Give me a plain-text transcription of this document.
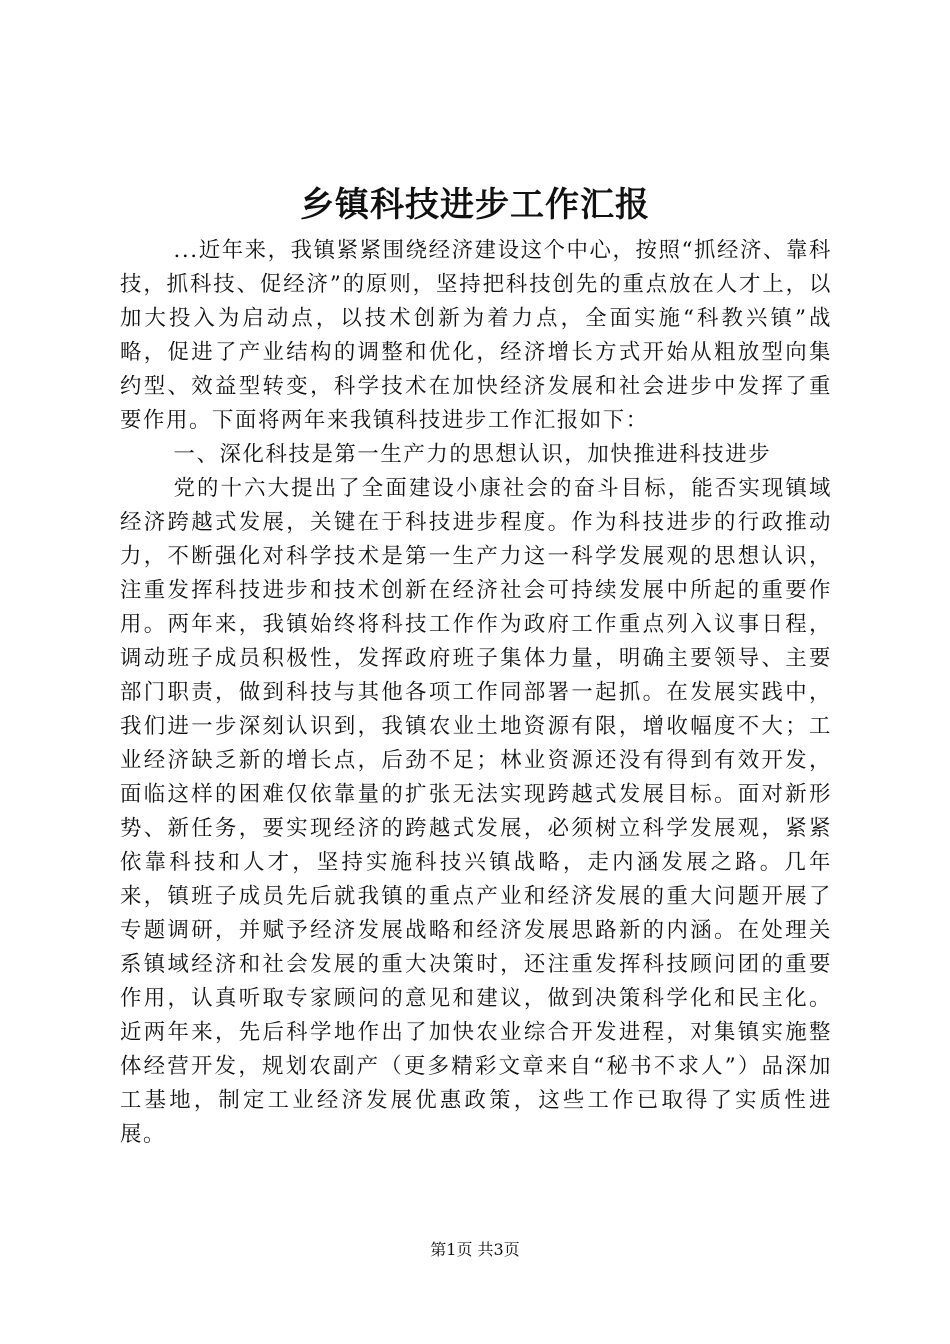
乡镇科技进步工作汇报

...近年来，我镇紧紧围绕经济建设这个中心，按照“抓经济、靠科技，抓科技、促经济”的原则，坚持把科技创先的重点放在人才上，以加大投入为启动点，以技术创新为着力点，全面实施“科教兴镇”战略，促进了产业结构的调整和优化，经济增长方式开始从粗放型向集约型、效益型转变，科学技术在加快经济发展和社会进步中发挥了重要作用。下面将两年来我镇科技进步工作汇报如下：

一、深化科技是第一生产力的思想认识，加快推进科技进步

党的十六大提出了全面建设小康社会的奋斗目标，能否实现镇域经济跨越式发展，关键在于科技进步程度。作为科技进步的行政推动力，不断强化对科学技术是第一生产力这一科学发展观的思想认识，注重发挥科技进步和技术创新在经济社会可持续发展中所起的重要作用。两年来，我镇始终将科技工作作为政府工作重点列入议事日程，调动班子成员积极性，发挥政府班子集体力量，明确主要领导、主要部门职责，做到科技与其他各项工作同部署一起抓。在发展实践中，我们进一步深刻认识到，我镇农业土地资源有限，增收幅度不大；工业经济缺乏新的增长点，后劲不足；林业资源还没有得到有效开发，面临这样的困难仅依靠量的扩张无法实现跨越式发展目标。面对新形势、新任务，要实现经济的跨越式发展，必须树立科学发展观，紧紧依靠科技和人才，坚持实施科技兴镇战略，走内涵发展之路。几年来，镇班子成员先后就我镇的重点产业和经济发展的重大问题开展了专题调研，并赋予经济发展战略和经济发展思路新的内涵。在处理关系镇域经济和社会发展的重大决策时，还注重发挥科技顾问团的重要作用，认真听取专家顾问的意见和建议，做到决策科学化和民主化。近两年来，先后科学地作出了加快农业综合开发进程，对集镇实施整体经营开发，规划农副产（更多精彩文章来自“秘书不求人”）品深加工基地，制定工业经济发展优惠政策，这些工作已取得了实质性进展。

第1页 共3页
